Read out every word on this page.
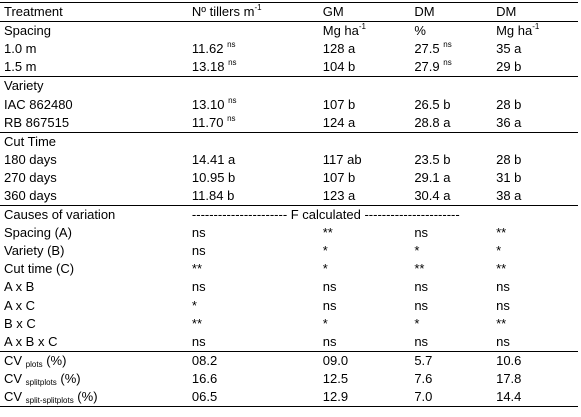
Treatment	Nº tillers $m^{-1}$	GM	DM	DM
Spacing		Mg $ha^{-1}$	%	Mg $ha^{-1}$
1.0 m	11.62 $^{ns}$	128 a	27.5 $^{ns}$	35 a
1.5 m	13.18 $^{ns}$	104 b	27.9 $^{ns}$	29 b
Variety				
IAC 862480	13.10 $^{ns}$	107 b	26.5 b	28 b
RB 867515	11.70 $^{ns}$	124 a	28.8 a	36 a
Cut Time				
180 days	14.41 a	117 ab	23.5 b	28 b
270 days	10.95 b	107 b	29.1 a	31 b
360 days	11.84 b	123 a	30.4 a	38 a
Causes of variation	---------------------- F calculated ----------------------			
Spacing (A)	ns	**	ns	**
Variety (B)	ns	*	*	*
Cut time (C)	**	*	**	**
A x B	ns	ns	ns	ns
A x C	*	ns	ns	ns
B x C	**	*	*	**
A x B x C	ns	ns	ns	ns
CV $_{plots}$ (%)	08.2	09.0	5.7	10.6
CV $_{splitplots}$ (%)	16.6	12.5	7.6	17.8
CV $_{split-splitplots}$ (%)	06.5	12.9	7.0	14.4
